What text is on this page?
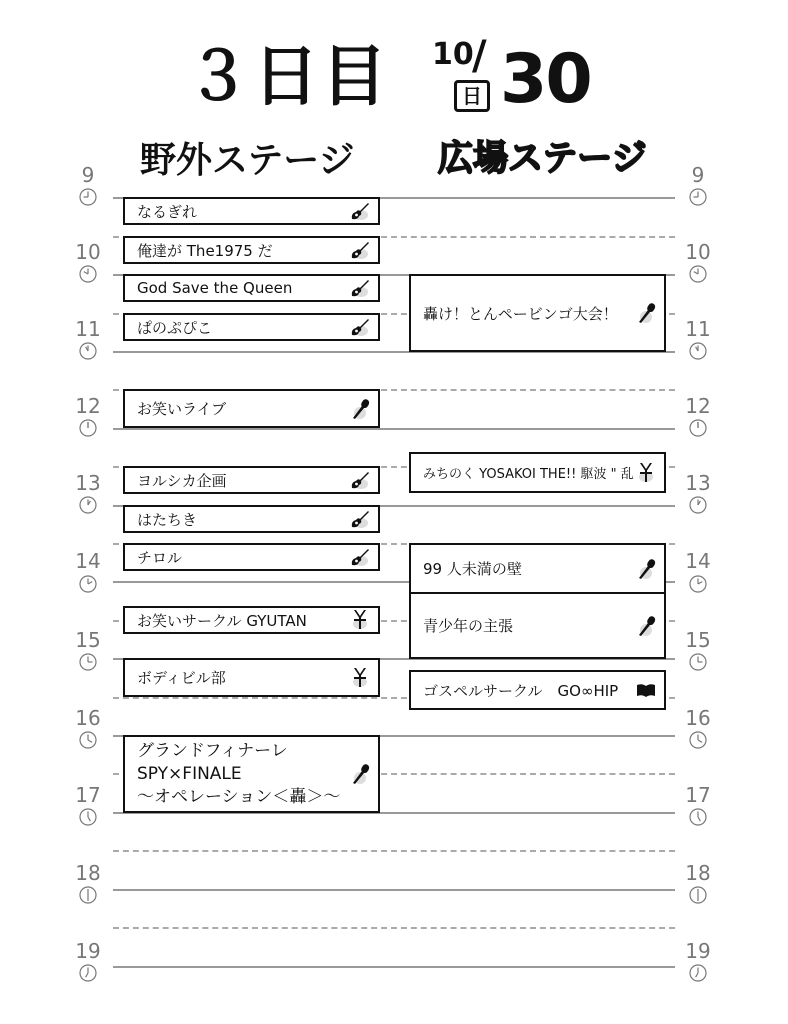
３日目 10
/
日 30
野外ステージ 広場ステージ
9
10
11
12
13
14
15
16
17
18
19
9
10
11
12
13
14
15
16
17
18
19
なるぎれ
俺達が The1975 だ
God Save the Queen
ぱのぷぴこ
お笑いライブ
ヨルシカ企画
はたちき
チロル
お笑いサークル GYUTAN
ボディビル部
グランドフィナーレ
SPY×FINALE
～オペレーション＜轟＞～
轟け！とんペービンゴ大会！
みちのく YOSAKOI THE!! 駆波 " 乱
99 人未満の壁
青少年の主張
ゴスペルサークル　GO∞HIP
